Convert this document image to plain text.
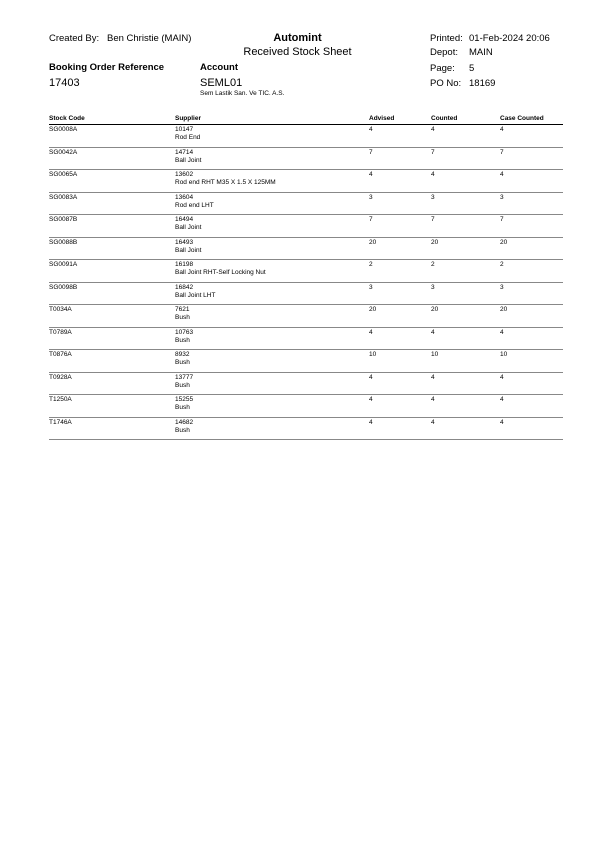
Created By: Ben Christie (MAIN)	Automint
Received Stock Sheet
Printed: 01-Feb-2024 20:06
Depot: MAIN
Page: 5
PO No: 18169
Booking Order Reference
17403
Account
SEML01
Sem Lastik San. Ve TIC. A.S.
Stock Code	Supplier	Advised	Counted	Case Counted
SG0008A	10147
Rod End
4	4	4
SG0042A	14714
Ball Joint
7	7	7
SG0065A	13602
Rod end RHT M35 X 1.5 X 125MM
4	4	4
SG0083A	13604
Rod end LHT
3	3	3
SG0087B	16494
Ball Joint
7	7	7
SG0088B	16493
Ball Joint
20	20	20
SG0091A	16198
Ball Joint RHT-Self Locking Nut
2	2	2
SG0098B	16842
Ball Joint LHT
3	3	3
T0034A	7621
Bush
20	20	20
T0789A	10763
Bush
4	4	4
T0876A	8932
Bush
10	10	10
T0928A	13777
Bush
4	4	4
T1250A	15255
Bush
4	4	4
T1746A	14682
Bush
4	4	4
